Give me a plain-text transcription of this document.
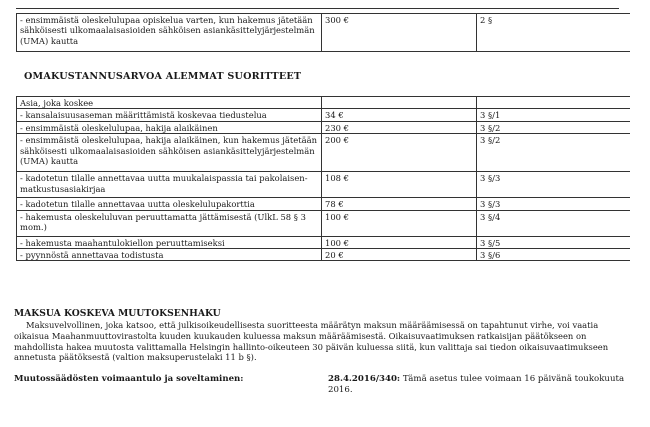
- ensimmäistä oleskelulupaa opiskelua varten, kun hakemus jätetään sähköisesti ulkomaalaisasioiden sähköisen asiankäsittelyjärjestelmän (UMA) kautta	300 €	2 §
OMAKUSTANNUSARVOA ALEMMAT SUORITTEET
Asia, joka koskee		
- kansalaisuusaseman määrittämistä koskevaa tiedustelua	34 €	3 §/1
- ensimmäistä oleskelulupaa, hakija alaikäinen	230 €	3 §/2
- ensimmäistä oleskelulupaa, hakija alaikäinen, kun hakemus jätetään sähköisesti ulkomaalaisasioiden sähköisen asiankäsittelyjärjestelmän (UMA) kautta	200 €	3 §/2
- kadotetun tilalle annettavaa uutta muukalaispassia tai pakolaisen-matkustusasiakirjaa	108 €	3 §/3
- kadotetun tilalle annettavaa uutta oleskelulupakorttia	78 €	3 §/3
- hakemusta oleskeluluvan peruuttamatta jättämisestä (UlkL 58 § 3 mom.)	100 €	3 §/4
- hakemusta maahantulokiellon peruuttamiseksi	100 €	3 §/5
- pyynnöstä annettavaa todistusta	20 €	3 §/6
MAKSUA KOSKEVA MUUTOKSENHAKU
Maksuvelvollinen, joka katsoo, että julkisoikeudellisesta suoritteesta määrätyn maksun määräämisessä on tapahtunut virhe, voi vaatia oikaisua Maahanmuuttovirastolta kuuden kuukauden kuluessa maksun määräämisestä. Oikaisuvaatimuksen ratkaisijan päätökseen on mahdollista hakea muutosta valittamalla Helsingin hallinto-oikeuteen 30 päivän kuluessa siitä, kun valittaja sai tiedon oikaisuvaatimukseen annetusta päätöksestä (valtion maksuperustelaki 11 b §).
Muutossäädösten voimaantulo ja soveltaminen:	28.4.2016/340: Tämä asetus tulee voimaan 16 päivänä toukokuuta 2016.
